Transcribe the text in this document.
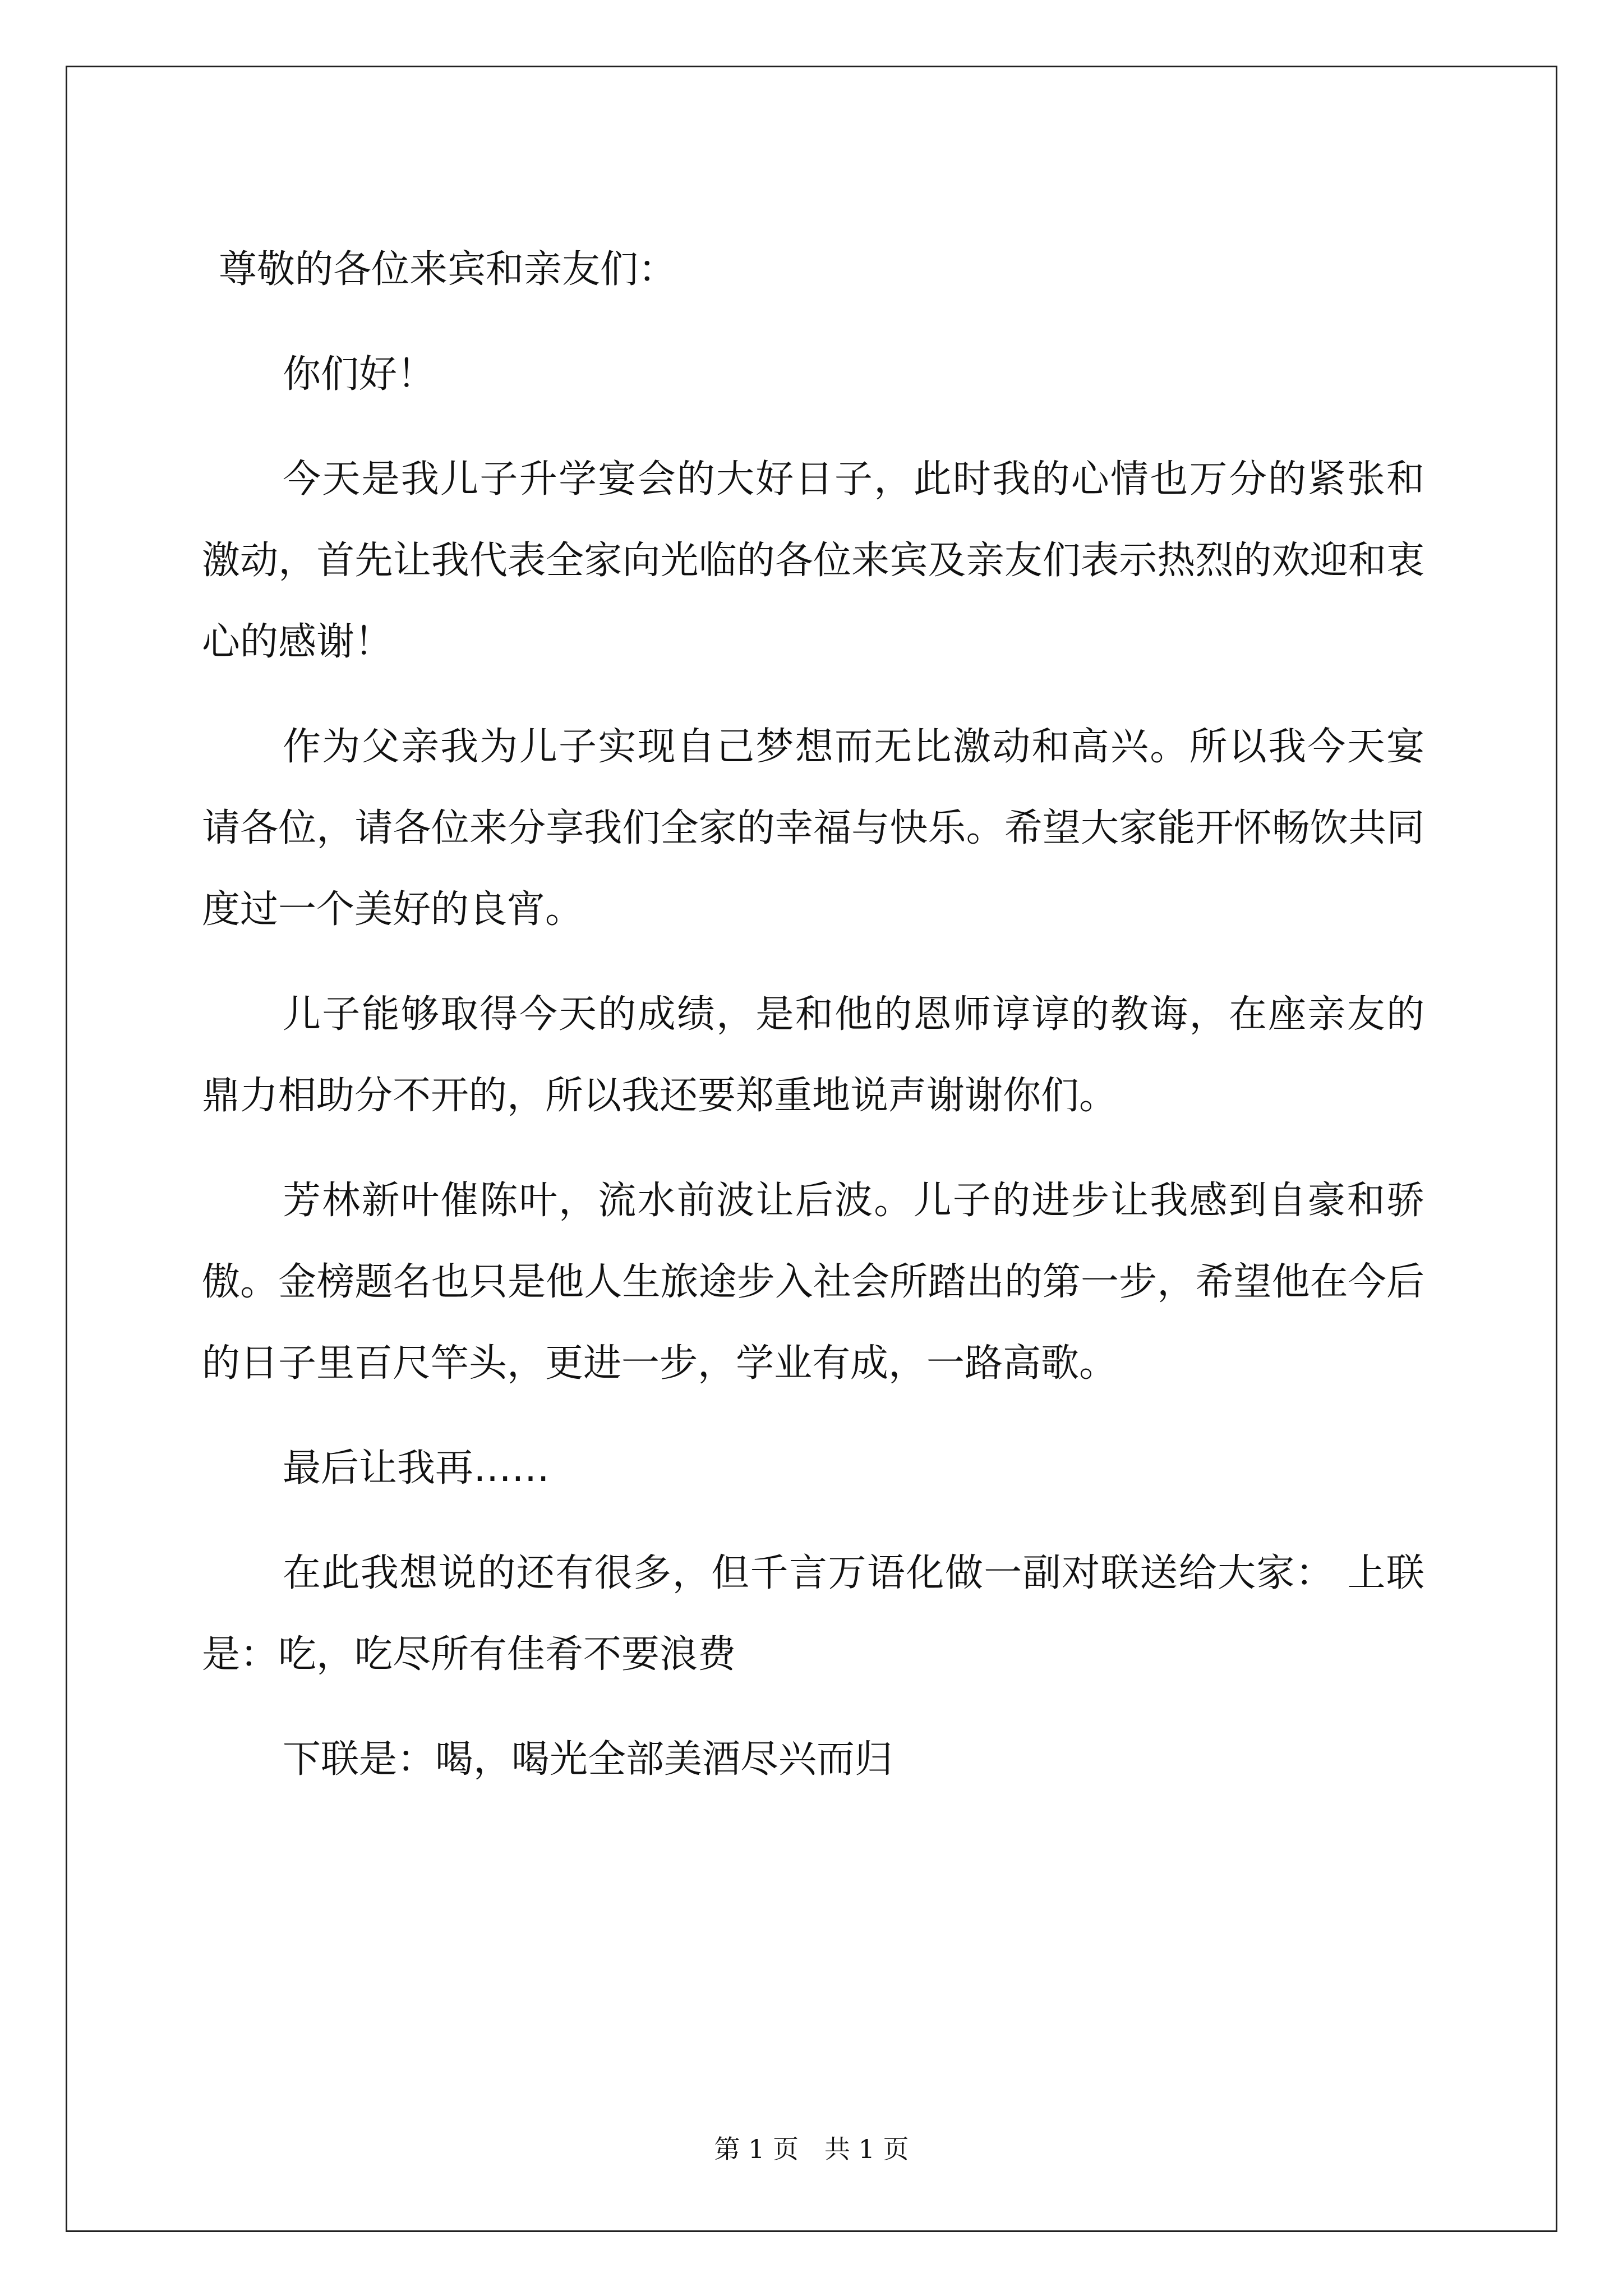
尊敬的各位来宾和亲友们：

你们好！

今天是我儿子升学宴会的大好日子，此时我的心情也万分的紧张和激动，首先让我代表全家向光临的各位来宾及亲友们表示热烈的欢迎和衷心的感谢！

作为父亲我为儿子实现自己梦想而无比激动和高兴。所以我今天宴请各位，请各位来分享我们全家的幸福与快乐。希望大家能开怀畅饮共同度过一个美好的良宵。

儿子能够取得今天的成绩，是和他的恩师谆谆的教诲，在座亲友的鼎力相助分不开的，所以我还要郑重地说声谢谢你们。

芳林新叶催陈叶，流水前波让后波。儿子的进步让我感到自豪和骄傲。金榜题名也只是他人生旅途步入社会所踏出的第一步，希望他在今后的日子里百尺竿头，更进一步，学业有成，一路高歌。

最后让我再……

在此我想说的还有很多，但千言万语化做一副对联送给大家： 上联是：吃，吃尽所有佳肴不要浪费

下联是：喝，喝光全部美酒尽兴而归

第 1 页　共 1 页
